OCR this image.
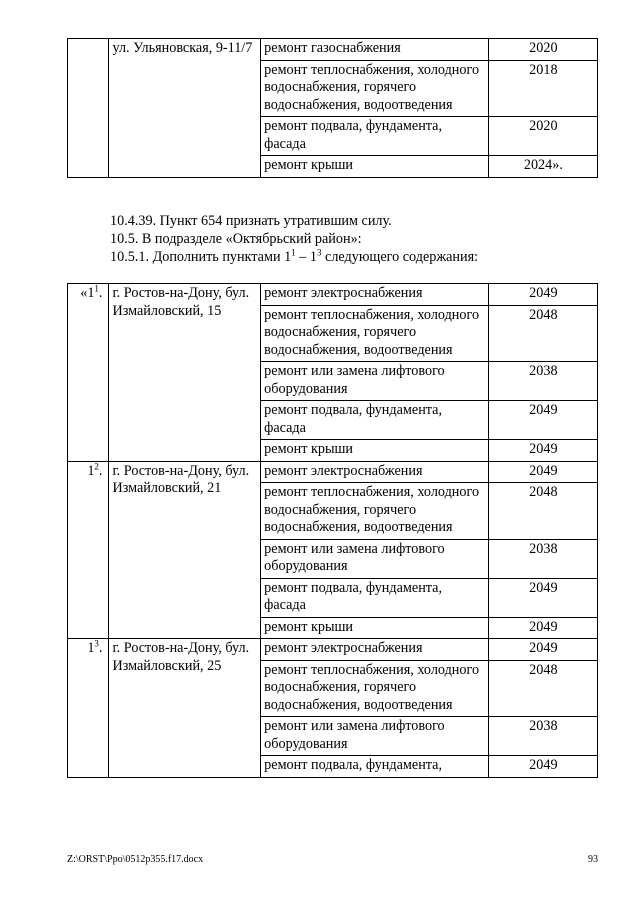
	ул. Ульяновская, 9-11/7	ремонт газоснабжения	2020
		ремонт теплоснабжения, холодного водоснабжения, горячего водоснабжения, водоотведения	2018
		ремонт подвала, фундамента, фасада	2020
		ремонт крыши	2024».
10.4.39. Пункт 654 признать утратившим силу.
10.5. В подразделе «Октябрьский район»:
10.5.1. Дополнить пунктами $1^1 - 1^3$ следующего содержания:
«$1^1$.	г. Ростов-на-Дону, бул. Измайловский, 15	ремонт электроснабжения	2049
		ремонт теплоснабжения, холодного водоснабжения, горячего водоснабжения, водоотведения	2048
		ремонт или замена лифтового оборудования	2038
		ремонт подвала, фундамента, фасада	2049
		ремонт крыши	2049
$1^2$.	г. Ростов-на-Дону, бул. Измайловский, 21	ремонт электроснабжения	2049
		ремонт теплоснабжения, холодного водоснабжения, горячего водоснабжения, водоотведения	2048
		ремонт или замена лифтового оборудования	2038
		ремонт подвала, фундамента, фасада	2049
		ремонт крыши	2049
$1^3$.	г. Ростов-на-Дону, бул. Измайловский, 25	ремонт электроснабжения	2049
		ремонт теплоснабжения, холодного водоснабжения, горячего водоснабжения, водоотведения	2048
		ремонт или замена лифтового оборудования	2038
		ремонт подвала, фундамента,	2049
Z:\ORST\Ppo\0512p355.f17.docx	93
